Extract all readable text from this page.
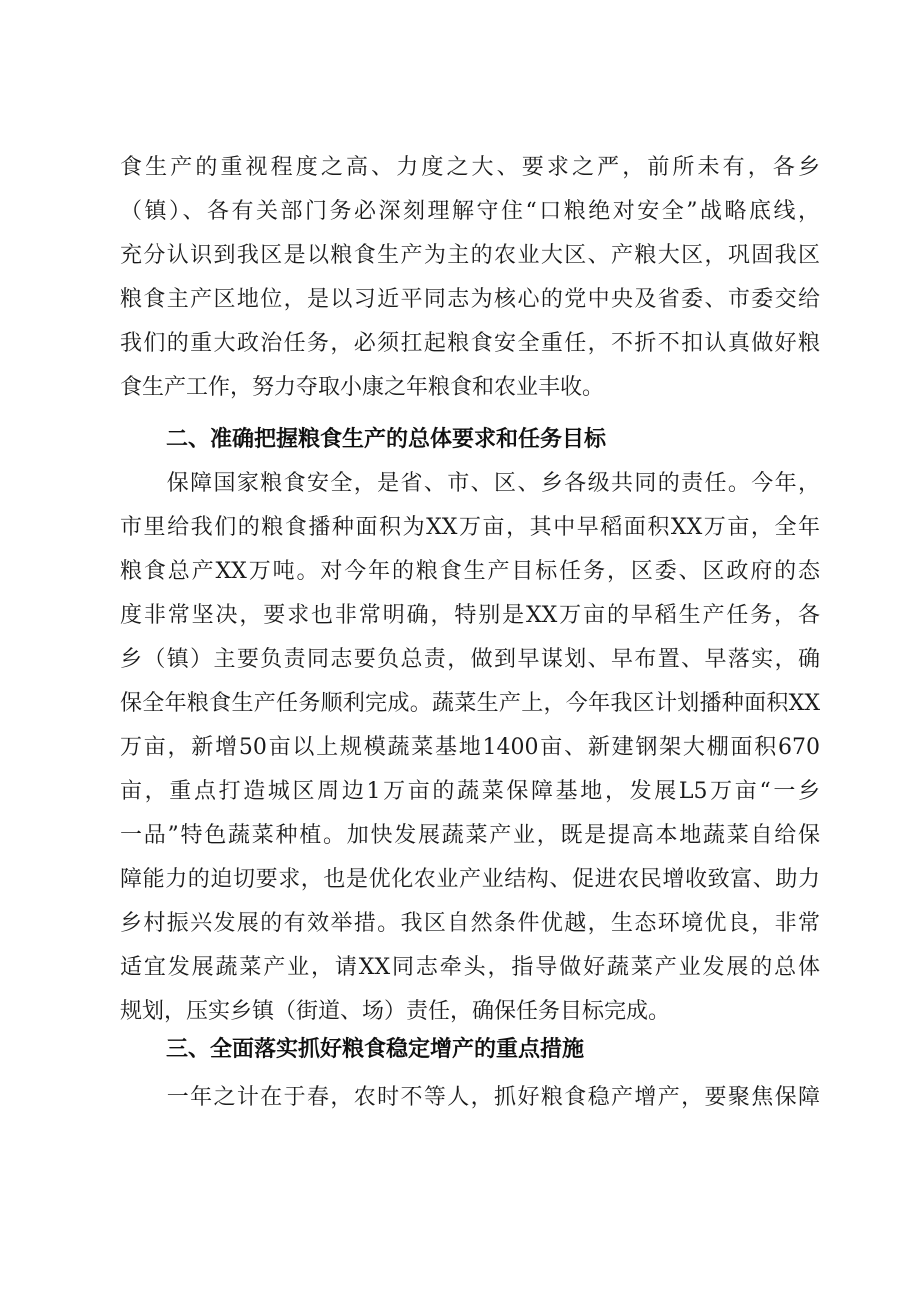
食生产的重视程度之高、力度之大、要求之严，前所未有，各乡
（镇）、各有关部门务必深刻理解守住“口粮绝对安全”战略底线，
充分认识到我区是以粮食生产为主的农业大区、产粮大区，巩固我区
粮食主产区地位，是以习近平同志为核心的党中央及省委、市委交给
我们的重大政治任务，必须扛起粮食安全重任，不折不扣认真做好粮
食生产工作，努力夺取小康之年粮食和农业丰收。
二、准确把握粮食生产的总体要求和任务目标
　　保障国家粮食安全，是省、市、区、乡各级共同的责任。今年，
市里给我们的粮食播种面积为XX万亩，其中早稻面积XX万亩，全年
粮食总产XX万吨。对今年的粮食生产目标任务，区委、区政府的态
度非常坚决，要求也非常明确，特别是XX万亩的早稻生产任务，各
乡（镇）主要负责同志要负总责，做到早谋划、早布置、早落实，确
保全年粮食生产任务顺利完成。蔬菜生产上，今年我区计划播种面积XX
万亩，新增50亩以上规模蔬菜基地1400亩、新建钢架大棚面积670
亩，重点打造城区周边1万亩的蔬菜保障基地，发展L5万亩“一乡
一品”特色蔬菜种植。加快发展蔬菜产业，既是提高本地蔬菜自给保
障能力的迫切要求，也是优化农业产业结构、促进农民增收致富、助力
乡村振兴发展的有效举措。我区自然条件优越，生态环境优良，非常
适宜发展蔬菜产业，请XX同志牵头，指导做好蔬菜产业发展的总体
规划，压实乡镇（街道、场）责任，确保任务目标完成。
三、全面落实抓好粮食稳定增产的重点措施
　　一年之计在于春，农时不等人，抓好粮食稳产增产，要聚焦保障
